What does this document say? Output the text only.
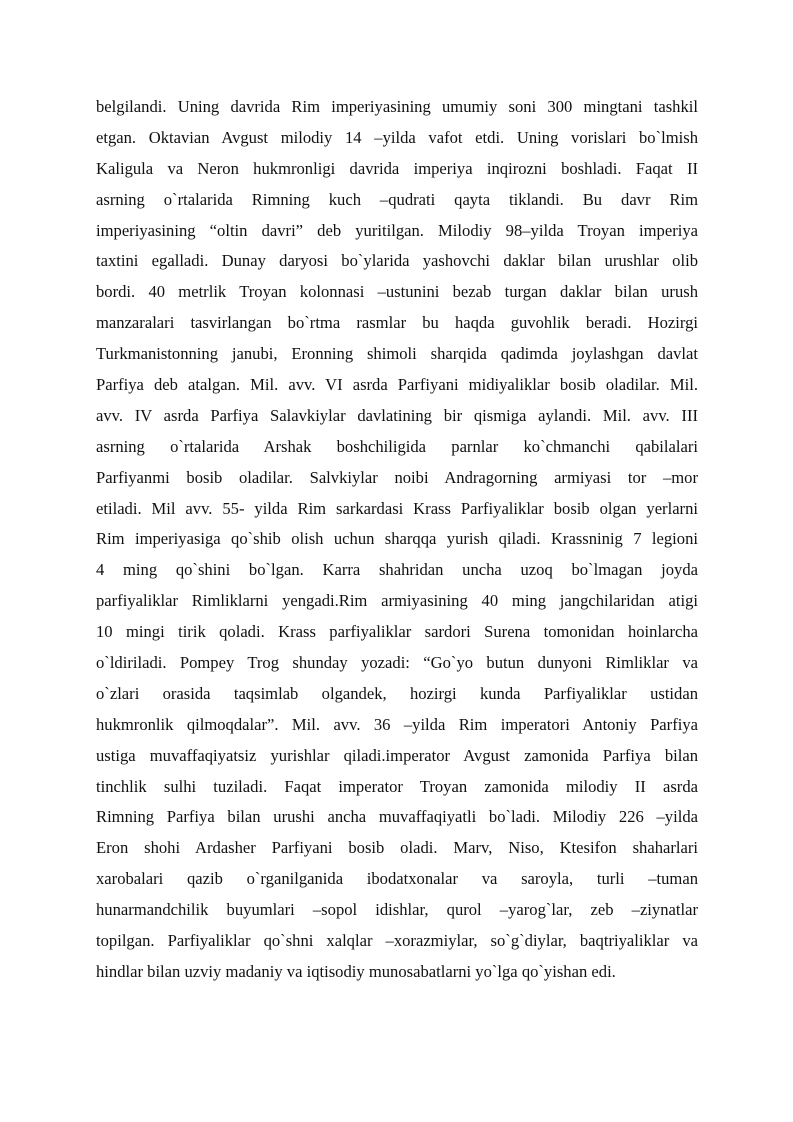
belgilandi. Uning davrida Rim imperiyasining umumiy soni 300 mingtani tashkil
etgan. Oktavian Avgust milodiy 14 –yilda vafot etdi. Uning vorislari bo`lmish
Kaligula va Neron hukmronligi davrida imperiya inqirozni boshladi. Faqat II
asrning o`rtalarida Rimning kuch –qudrati qayta tiklandi. Bu davr Rim
imperiyasining “oltin davri” deb yuritilgan. Milodiy 98–yilda Troyan imperiya
taxtini egalladi. Dunay daryosi bo`ylarida yashovchi daklar bilan urushlar olib
bordi. 40 metrlik Troyan kolonnasi –ustunini bezab turgan daklar bilan urush
manzaralari tasvirlangan bo`rtma rasmlar bu haqda guvohlik beradi. Hozirgi
Turkmanistonning janubi, Eronning shimoli sharqida qadimda joylashgan davlat
Parfiya deb atalgan. Mil. avv. VI asrda Parfiyani midiyaliklar bosib oladilar. Mil.
avv. IV asrda Parfiya Salavkiylar davlatining bir qismiga aylandi. Mil. avv. III
asrning o`rtalarida Arshak boshchiligida parnlar ko`chmanchi qabilalari
Parfiyanmi bosib oladilar. Salvkiylar noibi Andragorning armiyasi tor –mor
etiladi. Mil avv. 55- yilda Rim sarkardasi Krass Parfiyaliklar bosib olgan yerlarni
Rim imperiyasiga qo`shib olish uchun sharqqa yurish qiladi. Krassninig 7 legioni
4 ming qo`shini bo`lgan. Karra shahridan uncha uzoq bo`lmagan joyda
parfiyaliklar Rimliklarni yengadi.Rim armiyasining 40 ming jangchilaridan atigi
10 mingi tirik qoladi. Krass parfiyaliklar sardori Surena tomonidan hoinlarcha
o`ldiriladi. Pompey Trog shunday yozadi: “Go`yo butun dunyoni Rimliklar va
o`zlari orasida taqsimlab olgandek, hozirgi kunda Parfiyaliklar ustidan
hukmronlik qilmoqdalar”. Mil. avv. 36 –yilda Rim imperatori Antoniy Parfiya
ustiga muvaffaqiyatsiz yurishlar qiladi.imperator Avgust zamonida Parfiya bilan
tinchlik sulhi tuziladi. Faqat imperator Troyan zamonida milodiy II asrda
Rimning Parfiya bilan urushi ancha muvaffaqiyatli bo`ladi. Milodiy 226 –yilda
Eron shohi Ardasher Parfiyani bosib oladi. Marv, Niso, Ktesifon shaharlari
xarobalari qazib o`rganilganida ibodatxonalar va saroyla, turli –tuman
hunarmandchilik buyumlari –sopol idishlar, qurol –yarog`lar, zeb –ziynatlar
topilgan. Parfiyaliklar qo`shni xalqlar –xorazmiylar, so`g`diylar, baqtriyaliklar va
hindlar bilan uzviy madaniy va iqtisodiy munosabatlarni yo`lga qo`yishan edi.
